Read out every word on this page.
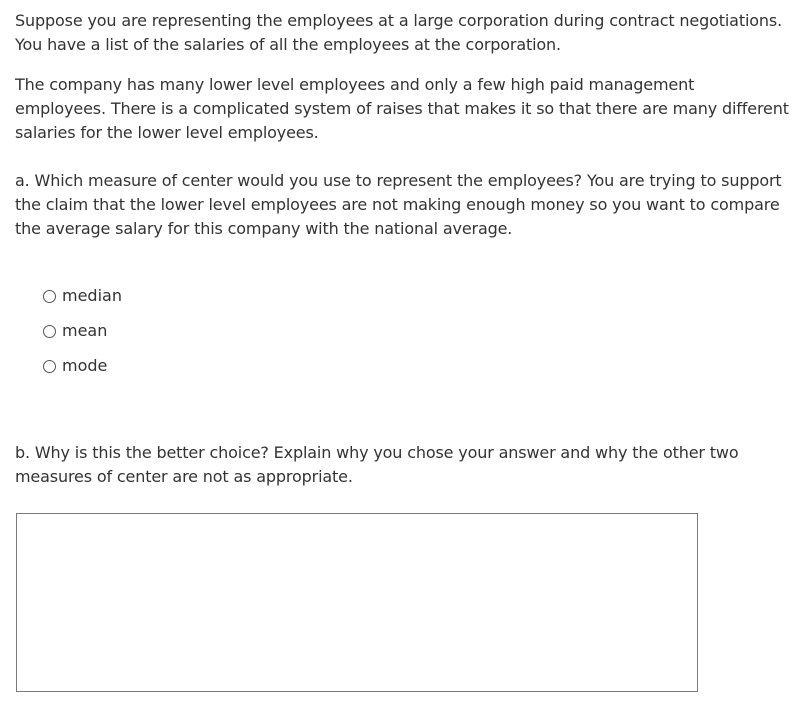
Suppose you are representing the employees at a large corporation during contract negotiations. You have a list of the salaries of all the employees at the corporation.

The company has many lower level employees and only a few high paid management employees. There is a complicated system of raises that makes it so that there are many different salaries for the lower level employees.

a. Which measure of center would you use to represent the employees? You are trying to support the claim that the lower level employees are not making enough money so you want to compare the average salary for this company with the national average.

median
mean
mode

b. Why is this the better choice? Explain why you chose your answer and why the other two measures of center are not as appropriate.
